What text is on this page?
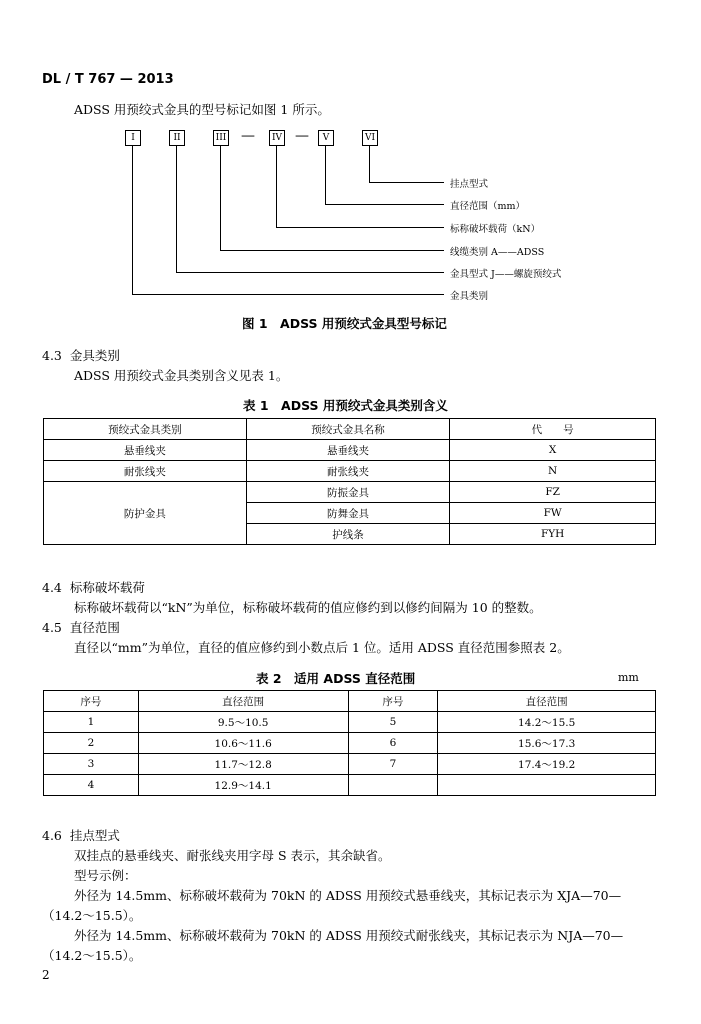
DL / T 767 — 2013
ADSS 用预绞式金具的型号标记如图 1 所示。
I	II	III —	IV —	V	VI
挂点型式
直径范围（mm）
标称破坏载荷（kN）
线缆类别 A——ADSS
金具型式 J——螺旋预绞式
金具类别
图 1　ADSS 用预绞式金具型号标记
4.3 金具类别
ADSS 用预绞式金具类别含义见表 1。
表 1　ADSS 用预绞式金具类别含义
预绞式金具类别	预绞式金具名称	代　　号
悬垂线夹	悬垂线夹	X
耐张线夹	耐张线夹	N
防护金具	防振金具	FZ
	防舞金具	FW
	护线条	FYH
4.4 标称破坏载荷
标称破坏载荷以“kN”为单位，标称破坏载荷的值应修约到以修约间隔为 10 的整数。
4.5 直径范围
直径以“mm”为单位，直径的值应修约到小数点后 1 位。适用 ADSS 直径范围参照表 2。
表 2　适用 ADSS 直径范围	mm
序号	直径范围	序号	直径范围
1	9.5～10.5	5	14.2～15.5
2	10.6～11.6	6	15.6～17.3
3	11.7～12.8	7	17.4～19.2
4	12.9～14.1		
4.6 挂点型式
双挂点的悬垂线夹、耐张线夹用字母 S 表示，其余缺省。
型号示例：
外径为 14.5mm、标称破坏载荷为 70kN 的 ADSS 用预绞式悬垂线夹，其标记表示为 XJA—70—
（14.2～15.5）。
外径为 14.5mm、标称破坏载荷为 70kN 的 ADSS 用预绞式耐张线夹，其标记表示为 NJA—70—
（14.2～15.5）。
2
